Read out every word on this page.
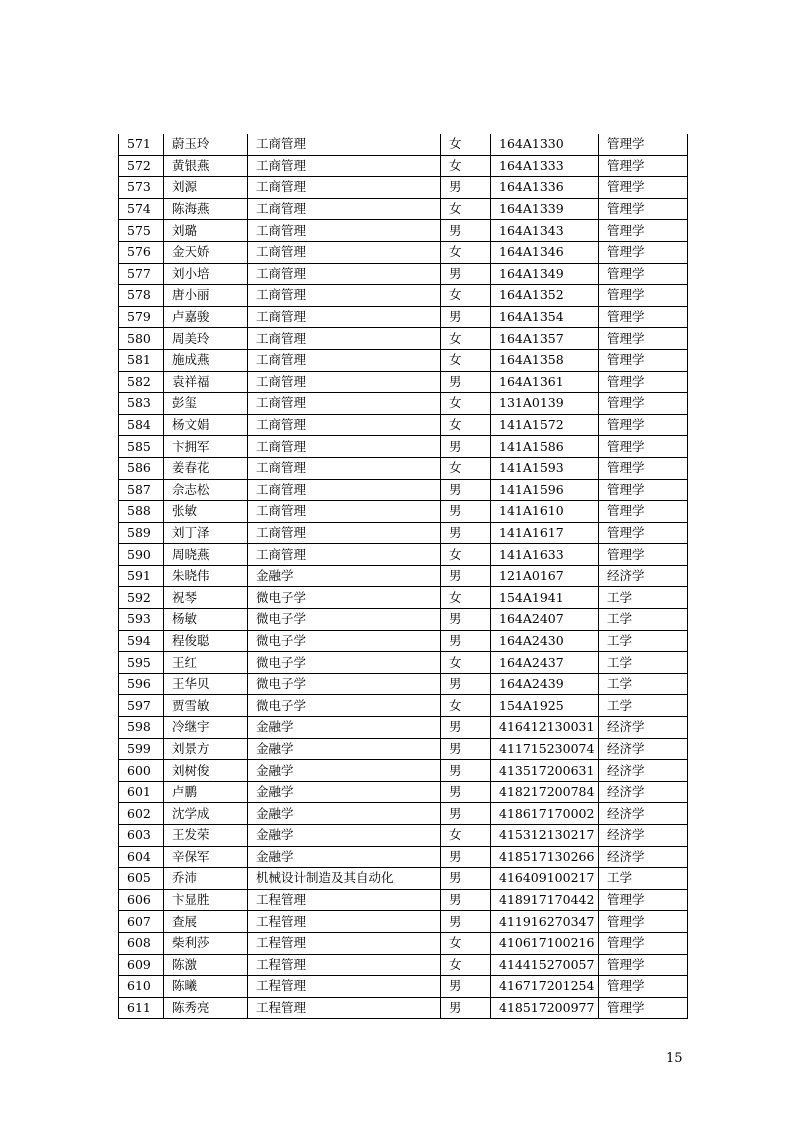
571	蔚玉玲	工商管理	女	164A1330	管理学
572	黄银燕	工商管理	女	164A1333	管理学
573	刘源	工商管理	男	164A1336	管理学
574	陈海燕	工商管理	女	164A1339	管理学
575	刘璐	工商管理	男	164A1343	管理学
576	金天娇	工商管理	女	164A1346	管理学
577	刘小培	工商管理	男	164A1349	管理学
578	唐小丽	工商管理	女	164A1352	管理学
579	卢嘉骏	工商管理	男	164A1354	管理学
580	周美玲	工商管理	女	164A1357	管理学
581	施成燕	工商管理	女	164A1358	管理学
582	袁祥福	工商管理	男	164A1361	管理学
583	彭玺	工商管理	女	131A0139	管理学
584	杨文娟	工商管理	女	141A1572	管理学
585	卞拥军	工商管理	男	141A1586	管理学
586	姜春花	工商管理	女	141A1593	管理学
587	佘志松	工商管理	男	141A1596	管理学
588	张敏	工商管理	男	141A1610	管理学
589	刘丁泽	工商管理	男	141A1617	管理学
590	周晓燕	工商管理	女	141A1633	管理学
591	朱晓伟	金融学	男	121A0167	经济学
592	祝琴	微电子学	女	154A1941	工学
593	杨敏	微电子学	男	164A2407	工学
594	程俊聪	微电子学	男	164A2430	工学
595	王红	微电子学	女	164A2437	工学
596	王华贝	微电子学	男	164A2439	工学
597	贾雪敏	微电子学	女	154A1925	工学
598	冷继宇	金融学	男	416412130031	经济学
599	刘景方	金融学	男	411715230074	经济学
600	刘树俊	金融学	男	413517200631	经济学
601	卢鹏	金融学	男	418217200784	经济学
602	沈学成	金融学	男	418617170002	经济学
603	王发荣	金融学	女	415312130217	经济学
604	辛保军	金融学	男	418517130266	经济学
605	乔沛	机械设计制造及其自动化	男	416409100217	工学
606	卞显胜	工程管理	男	418917170442	管理学
607	查展	工程管理	男	411916270347	管理学
608	柴利莎	工程管理	女	410617100216	管理学
609	陈激	工程管理	女	414415270057	管理学
610	陈曦	工程管理	男	416717201254	管理学
611	陈秀亮	工程管理	男	418517200977	管理学
15
